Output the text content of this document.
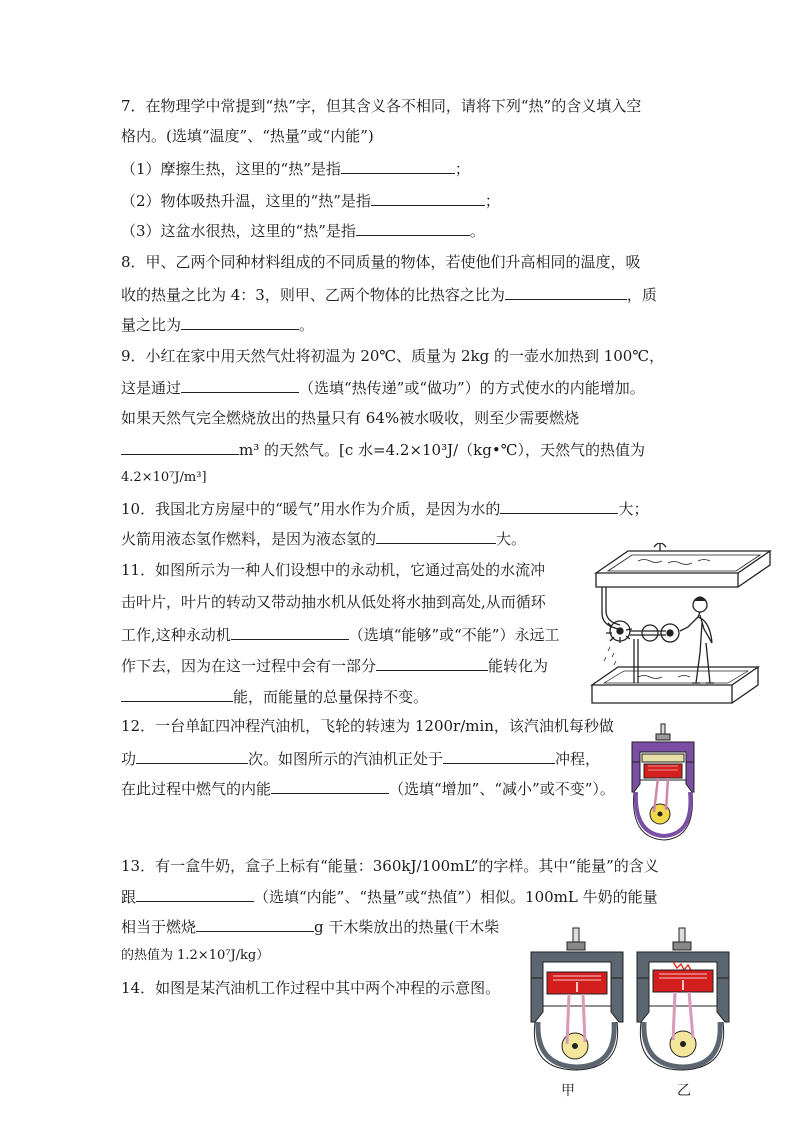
7．在物理学中常提到“热”字，但其含义各不相同，请将下列“热”的含义填入空
格内。(选填“温度”、“热量”或“内能”)
（1）摩擦生热，这里的“热”是指	；
（2）物体吸热升温，这里的“热”是指	；
（3）这盆水很热，这里的“热”是指	。
8．甲、乙两个同种材料组成的不同质量的物体，若使他们升高相同的温度，吸
收的热量之比为 4：3，则甲、乙两个物体的比热容之比为	，质
量之比为	。
9．小红在家中用天然气灶将初温为 20℃、质量为 2kg 的一壶水加热到 100℃，
这是通过	（选填“热传递”或“做功”）的方式使水的内能增加。
如果天然气完全燃烧放出的热量只有 64%被水吸收，则至少需要燃烧
m³ 的天然气。[c 水=4.2×10³J/（kg•℃），天然气的热值为
4.2×10⁷J/m³]
10．我国北方房屋中的“暖气”用水作为介质，是因为水的	大；
火箭用液态氢作燃料，是因为液态氢的	大。
11．如图所示为一种人们设想中的永动机，它通过高处的水流冲
击叶片，叶片的转动又带动抽水机从低处将水抽到高处,从而循环
工作,这种永动机	（选填“能够”或“不能”）永远工
作下去，因为在这一过程中会有一部分	能转化为
能，而能量的总量保持不变。
12．一台单缸四冲程汽油机，飞轮的转速为 1200r/min，该汽油机每秒做
功	次。如图所示的汽油机正处于	冲程，
在此过程中燃气的内能	（选填“增加”、“减小”或不变”）。
13．有一盒牛奶，盒子上标有“能量：360kJ/100mL”的字样。其中“能量”的含义
跟	（选填“内能”、“热量”或“热值”）相似。100mL 牛奶的能量
相当于燃烧	g 干木柴放出的热量(干木柴
的热值为 1.2×10⁷J/kg）
14．如图是某汽油机工作过程中其中两个冲程的示意图。
甲	乙
